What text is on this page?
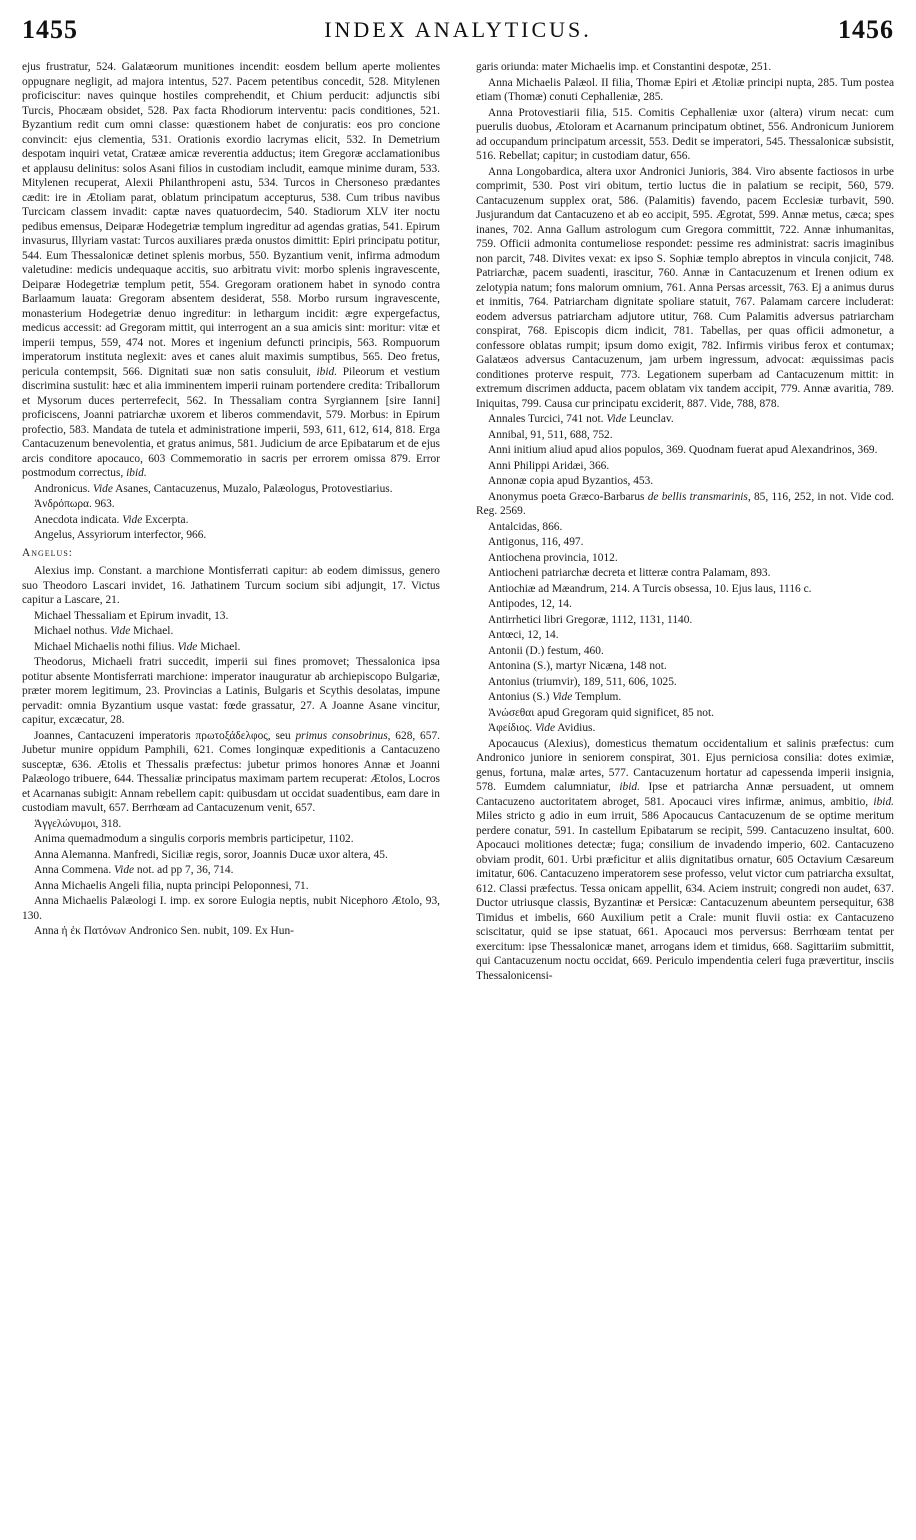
1455	INDEX ANALYTICUS.	1456

ejus frustratur, 524. Galatæorum munitiones incendit: eosdem bellum aperte molientes oppugnare negligit, ad majora intentus, 527. Pacem petentibus concedit, 528. Mitylenen proficiscitur: naves quinque hostiles comprehendit, et Chium perducit: adjunctis sibi Turcis, Phocæam obsidet, 528. Pax facta Rhodiorum interventu: pacis conditiones, 521. Byzantium redit cum omni classe: quæstionem habet de conjuratis: eos pro concione convincit: ejus clementia, 531. Orationis exordio lacrymas elicit, 532. In Demetrium despotam inquiri vetat, Cratææ amicæ reverentia adductus; item Gregoræ acclamationibus et applausu delinitus: solos Asani filios in custodiam includit, eamque minime duram, 533. Mitylenen recuperat, Alexii Philanthropeni astu, 534. Turcos in Chersoneso prædantes cædit: ire in Ætoliam parat, oblatum principatum accepturus, 538. Cum tribus navibus Turcicam classem invadit: captæ naves quatuordecim, 540. Stadiorum XLV iter noctu pedibus emensus, Deiparæ Hodegetriæ templum ingreditur ad agendas gratias, 541. Epirum invasurus, Illyriam vastat: Turcos auxiliares præda onustos dimittit: Epiri principatu potitur, 544. Eum Thessalonicæ detinet splenis morbus, 550. Byzantium venit, infirma admodum valetudine: medicis undequaque accitis, suo arbitratu vivit: morbo splenis ingravescente, Deiparæ Hodegetriæ templum petit, 554. Gregoram orationem habet in synodo contra Barlaamum lauata: Gregoram absentem desiderat, 558. Morbo rursum ingravescente, monasterium Hodegetriæ denuo ingreditur: in lethargum incidit: ægre expergefactus, medicus accessit: ad Gregoram mittit, qui interrogent an a sua amicis sint: moritur: vitæ et imperii tempus, 559, 474 not. Mores et ingenium defuncti principis, 563. Rompuorum imperatorum instituta neglexit: aves et canes aluit maximis sumptibus, 565. Deo fretus, pericula contempsit, 566. Dignitati suæ non satis consuluit, ibid. Pileorum et vestium discrimina sustulit: hæc et alia imminentem imperii ruinam portendere credita: Triballorum et Mysorum duces perterrefecit, 562. In Thessaliam contra Syrgiannem [sire Ianni] proficiscens, Joanni patriarchæ uxorem et liberos commendavit, 579. Morbus: in Epirum profectio, 583. Mandata de tutela et administratione imperii, 593, 611, 612, 614, 818. Erga Cantacuzenum benevolentia, et gratus animus, 581. Judicium de arce Epibatarum et de ejus arcis conditore apocauco, 603 Commemoratio in sacris per errorem omissa 879. Error postmodum correctus, ibid.

Andronicus. Vide Asanes, Cantacuzenus, Muzalo, Palæologus, Protovestiarius.

Ἀνδρόπωρα. 963.

Anecdota indicata. Vide Excerpta.

Angelus, Assyriorum interfector, 966.

Angelus:

Alexius imp. Constant. a marchione Montisferrati capitur: ab eodem dimissus, genero suo Theodoro Lascari invidet, 16. Jathatinem Turcum socium sibi adjungit, 17. Victus capitur a Lascare, 21.

Michael Thessaliam et Epirum invadit, 13.

Michael nothus. Vide Michael.

Michael Michaelis nothi filius. Vide Michael.

Theodorus, Michaeli fratri succedit, imperii sui fines promovet; Thessalonica ipsa potitur absente Montisferrati marchione: imperator inauguratur ab archiepiscopo Bulgariæ, præter morem legitimum, 23. Provincias a Latinis, Bulgaris et Scythis desolatas, impune pervadit: omnia Byzantium usque vastat: fœde grassatur, 27. A Joanne Asane vincitur, capitur, excæcatur, 28.

Joannes, Cantacuzeni imperatoris πρωτοξάδελφος, seu primus consobrinus, 628, 657. Jubetur munire oppidum Pamphili, 621. Comes longinquæ expeditionis a Cantacuzeno susceptæ, 636. Ætolis et Thessalis præfectus: jubetur primos honores Annæ et Joanni Palæologo tribuere, 644. Thessaliæ principatus maximam partem recuperat: Ætolos, Locros et Acarnanas subigit: Annam rebellem capit: quibusdam ut occidat suadentibus, eam dare in custodiam mavult, 657. Berrhœam ad Cantacuzenum venit, 657.

Ἀγγελώνυμοι, 318.

Anima quemadmodum a singulis corporis membris participetur, 1102.

Anna Alemanna. Manfredi, Siciliæ regis, soror, Joannis Ducæ uxor altera, 45.

Anna Commena. Vide not. ad pp 7, 36, 714.

Anna Michaelis Angeli filia, nupta principi Peloponnesi, 71.

Anna Michaelis Palæologi I. imp. ex sorore Eulogia neptis, nubit Nicephoro Ætolo, 93, 130.

Anna ἡ ἐκ Πατόνων Andronico Sen. nubit, 109. Ex Hun-

garis oriunda: mater Michaelis imp. et Constantini despotæ, 251.

Anna Michaelis Palæol. II filia, Thomæ Epiri et Ætoliæ principi nupta, 285. Tum postea etiam (Thomæ) conuti Cephalleniæ, 285.

Anna Protovestiarii filia, 515. Comitis Cephalleniæ uxor (altera) virum necat: cum puerulis duobus, Ætoloram et Acarnanum principatum obtinet, 556. Andronicum Juniorem ad occupandum principatum arcessit, 553. Dedit se imperatori, 545. Thessalonicæ subsistit, 516. Rebellat; capitur; in custodiam datur, 656.

Anna Longobardica, altera uxor Andronici Junioris, 384. Viro absente factiosos in urbe comprimit, 530. Post viri obitum, tertio luctus die in palatium se recipit, 560, 579. Cantacuzenum supplex orat, 586. (Palamitis) favendo, pacem Ecclesiæ turbavit, 590. Jusjurandum dat Cantacuzeno et ab eo accipit, 595. Ægrotat, 599. Annæ metus, cæca; spes inanes, 702. Anna Gallum astrologum cum Gregora committit, 722. Annæ inhumanitas, 759. Officii admonita contumeliose respondet: pessime res administrat: sacris imaginibus non parcit, 748. Divites vexat: ex ipso S. Sophiæ templo abreptos in vincula conjicit, 748. Patriarchæ, pacem suadenti, irascitur, 760. Annæ in Cantacuzenum et Irenen odium ex zelotypia natum; fons malorum omnium, 761. Anna Persas arcessit, 763. Ej a animus durus et inmitis, 764. Patriarcham dignitate spoliare statuit, 767. Palamam carcere includerat: eodem adversus patriarcham adjutore utitur, 768. Cum Palamitis adversus patriarcham conspirat, 768. Episcopis dicm indicit, 781. Tabellas, per quas officii admonetur, a confessore oblatas rumpit; ipsum domo exigit, 782. Infirmis viribus ferox et contumax; Galatæos adversus Cantacuzenum, jam urbem ingressum, advocat: æquissimas pacis conditiones proterve respuit, 773. Legationem superbam ad Cantacuzenum mittit: in extremum discrimen adducta, pacem oblatam vix tandem accipit, 779. Annæ avaritia, 789. Iniquitas, 799. Causa cur principatu exciderit, 887. Vide, 788, 878.

Annales Turcici, 741 not. Vide Leunclav.

Annibal, 91, 511, 688, 752.

Anni initium aliud apud alios populos, 369. Quodnam fuerat apud Alexandrinos, 369.

Anni Philippi Aridæi, 366.

Annonæ copia apud Byzantios, 453.

Anonymus poeta Græco-Barbarus de bellis transmarinis, 85, 116, 252, in not. Vide cod. Reg. 2569.

Antalcidas, 866.

Antigonus, 116, 497.

Antiochena provincia, 1012.

Antiocheni patriarchæ decreta et litteræ contra Palamam, 893.

Antiochiæ ad Mæandrum, 214. A Turcis obsessa, 10. Ejus laus, 1116 c.

Antipodes, 12, 14.

Antirrhetici libri Gregoræ, 1112, 1131, 1140.

Antœci, 12, 14.

Antonii (D.) festum, 460.

Antonina (S.), martyr Nicæna, 148 not.

Antonius (triumvir), 189, 511, 606, 1025.

Antonius (S.) Vide Templum.

Ἀνώσεθαι apud Gregoram quid significet, 85 not.

Ἀφείδιος. Vide Avidius.

Apocaucus (Alexius), domesticus thematum occidentalium et salinis præfectus: cum Andronico juniore in seniorem conspirat, 301. Ejus perniciosa consilia: dotes eximiæ, genus, fortuna, malæ artes, 577. Cantacuzenum hortatur ad capessenda imperii insignia, 578. Eumdem calumniatur, ibid. Ipse et patriarcha Annæ persuadent, ut omnem Cantacuzeno auctoritatem abroget, 581. Apocauci vires infirmæ, animus, ambitio, ibid. Miles stricto g adio in eum irruit, 586 Apocaucus Cantacuzenum de se optime meritum perdere conatur, 591. In castellum Epibatarum se recipit, 599. Cantacuzeno insultat, 600. Apocauci molitiones detectæ; fuga; consilium de invadendo imperio, 602. Cantacuzeno obviam prodit, 601. Urbi præficitur et aliis dignitatibus ornatur, 605 Octavium Cæsareum imitatur, 606. Cantacuzeno imperatorem sese professo, velut victor cum patriarcha exsultat, 612. Classi præfectus. Tessa onicam appellit, 634. Aciem instruit; congredi non audet, 637. Ductor utriusque classis, Byzantinæ et Persicæ: Cantacuzenum abeuntem persequitur, 638 Timidus et imbelis, 660 Auxilium petit a Crale: munit fluvii ostia: ex Cantacuzeno sciscitatur, quid se ipse statuat, 661. Apocauci mos perversus: Berrhœam tentat per exercitum: ipse Thessalonicæ manet, arrogans idem et timidus, 668. Sagittariim submittit, qui Cantacuzenum noctu occidat, 669. Periculo impendentia celeri fuga prævertitur, insciis Thessalonicensi-
